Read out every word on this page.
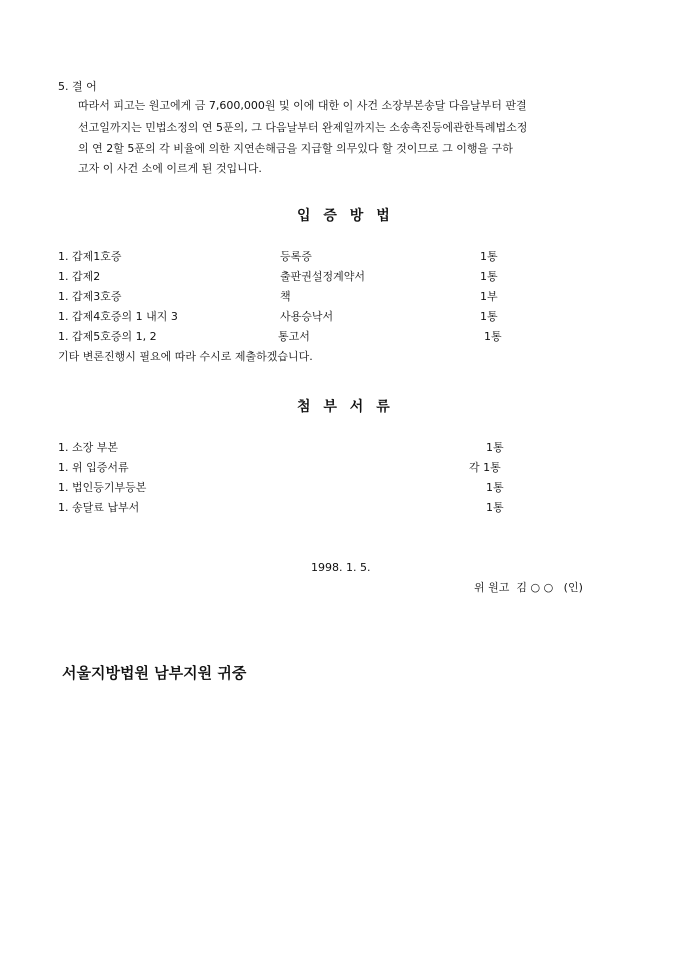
5. 결 어
따라서 피고는 원고에게 금 7,600,000원 및 이에 대한 이 사건 소장부본송달 다음날부터 판결
선고일까지는 민법소정의 연 5푼의, 그 다음날부터 완제일까지는 소송촉진등에관한특례법소정
의 연 2할 5푼의 각 비율에 의한 지연손해금을 지급할 의무있다 할 것이므로 그 이행을 구하
고자 이 사건 소에 이르게 된 것입니다.
입 증 방 법
1. 갑제1호증	등록증	1통
1. 갑제2	출판권설정계약서	1통
1. 갑제3호증	책	1부
1. 갑제4호증의 1 내지 3	사용승낙서	1통
1. 갑제5호증의 1, 2	통고서	1통
기타 변론진행시 필요에 따라 수시로 제출하겠습니다.
첨 부 서 류
1. 소장 부본	1통
1. 위 입증서류	각 1통
1. 법인등기부등본	1통
1. 송달료 납부서	1통
1998. 1. 5.
위 원고  김 ○ ○   (인)
서울지방법원 남부지원 귀중
